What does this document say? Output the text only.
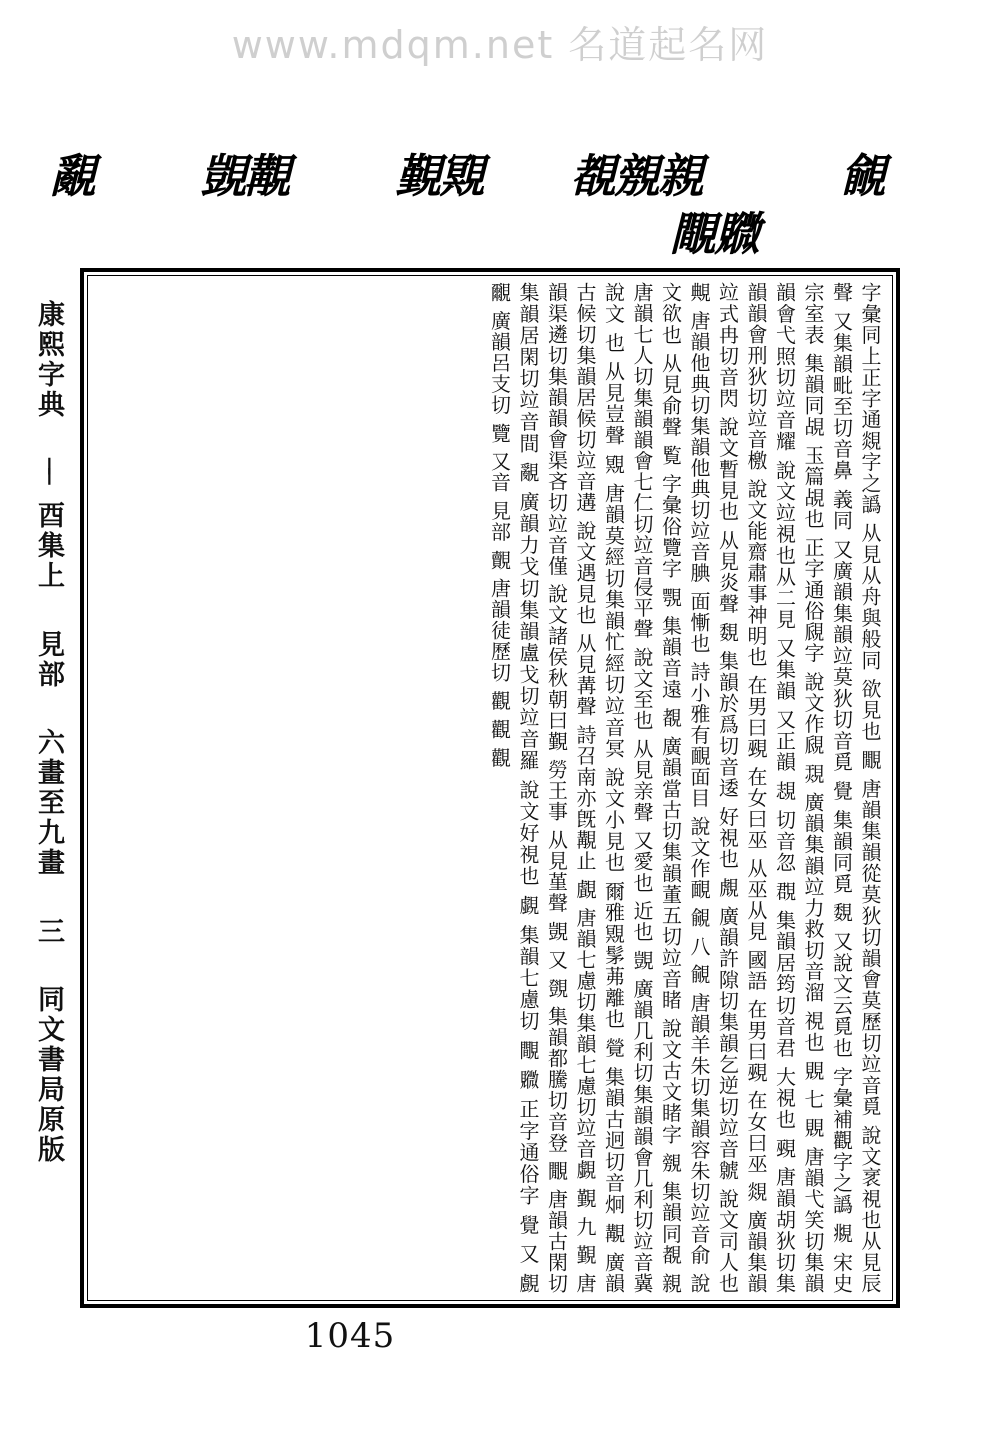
www.mdqm.net 名道起名网
覶 覬覯 覲覭 覩覫親	覦
覸覹
字彙同上正字通覢字之譌 从見从舟與般同 欲見也 覵 唐韻集韻從莫狄切韻會莫歷切竝音覓 說文衺視也从見辰聲 又集韻毗至切音鼻 義同 又廣韻集韻竝莫狄切音覓 覺 集韻同覓 覣 又說文云覓也 字彙補觀字之譌 覜 宋史宗室表 集韻同覘 玉篇覘也 正字通俗覛字 說文作覛 覝 廣韻集韻竝力救切音溜 視也 覞 七 覞 唐韻弋笑切集韻韻會弋照切竝音耀 說文竝視也从二見 又集韻 又正韻 覟 切音忽 覠 集韻居筠切音君 大視也 覡 唐韻胡狄切集韻韻會刑狄切竝音檄 說文能齋肅事神明也 在男曰覡 在女曰巫 从巫从見 國語 在男曰覡 在女曰巫 覢 廣韻集韻竝式冉切音閃 說文暫見也 从見炎聲 覣 集韻於爲切音逶 好視也 覤 廣韻許隙切集韻乞逆切竝音虩 說文司人也 覥 唐韻他典切集韻他典切竝音腆 面慚也 詩小雅有靦面目 說文作靦 覦 八 覦 唐韻羊朱切集韻容朱切竝音俞 說文欲也 从見俞聲 覧 字彙俗覽字 覨 集韻音遠 覩 廣韻當古切集韻董五切竝音睹 說文古文睹字 覫 集韻同覩 親 唐韻七人切集韻韻會七仁切竝音侵平聲 說文至也 从見亲聲 又愛也 近也 覬 廣韻几利切集韻韻會几利切竝音冀 說文 也 从見豈聲 覭 唐韻莫經切集韻忙經切竝音冥 說文小見也 爾雅覭髳茀離也 覮 集韻古迥切音炯 覯 廣韻古候切集韻居候切竝音遘 說文遇見也 从見冓聲 詩召南亦旣覯止 覰 唐韻七慮切集韻七慮切竝音覷 覲 九 覲 唐韻渠遴切集韻韻會渠吝切竝音僅 說文諸侯秋朝曰覲 勞王事 从見堇聲 覬 又 覴 集韻都騰切音登 覵 唐韻古閑切集韻居閑切竝音間 覶 廣韻力戈切集韻盧戈切竝音羅 說文好視也 覷 集韻七慮切 覸 覹 正字通俗字 覺 又 覻 覼 廣韻呂支切 覽 又音 見部 覿 唐韻徒歷切 觀 觀 觀
康熙字典 ── 酉集上 見部 六畫至九畫 三 同文書局原版
1045
